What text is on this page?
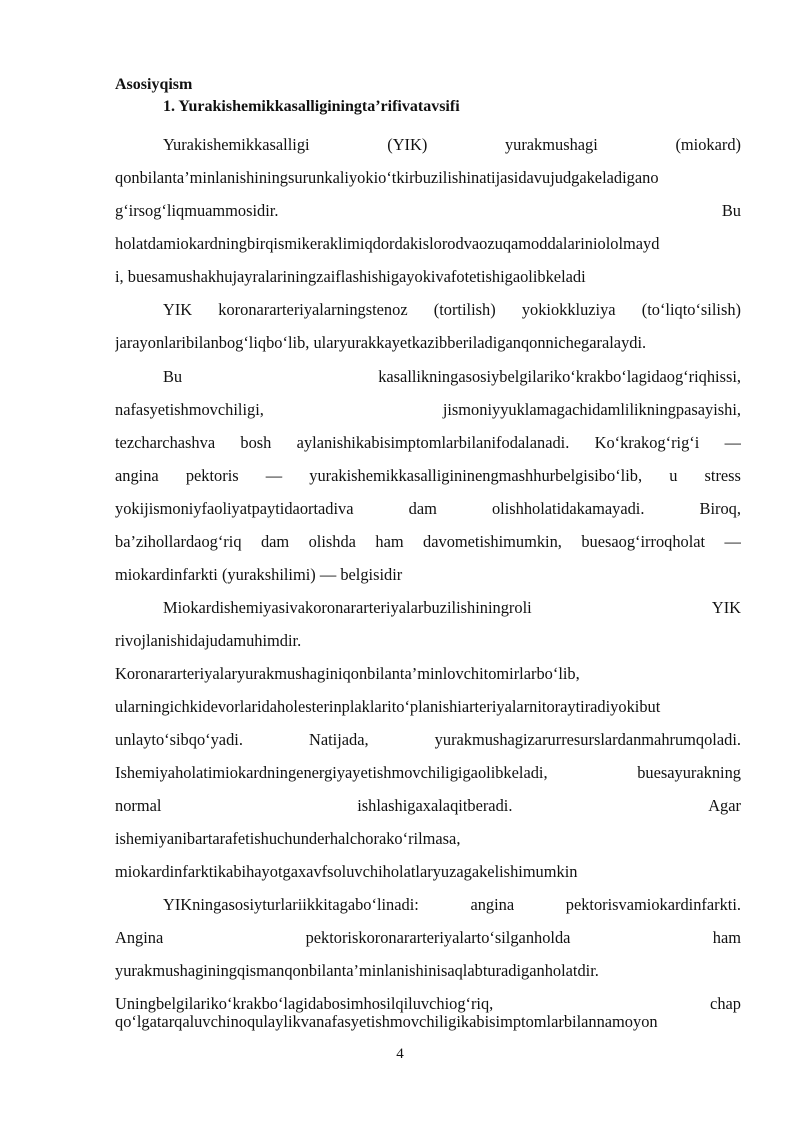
Asosiyqism
1. Yurakishemikkasalliginingta’rifivatavsifi
Yurakishemikkasalligi	(YIK)	yurakmushagi	(miokard)
qonbilanta’minlanishiningsurunkaliyokio‘tkirbuzilishinatijasidavujudgakeladigano
g‘irsog‘liqmuammosidir.	Bu
holatdamiokardningbirqismikeraklimiqdordakislorodvaozuqamoddalariniololmayd
i, buesamushakhujayralariningzaiflashishigayokivafotetishigaolibkeladi
YIK koronararteriyalarningstenoz (tortilish) yokiokkluziya (to‘liqto‘silish)
jarayonlaribilanbog‘liqbo‘lib, ularyurakkayetkazibberiladiganqonnichegaralaydi.
Bu	kasallikningasosiybelgilariko‘krakbo‘lagidaog‘riqhissi,
nafasyetishmovchiligi,	jismoniyyuklamagachidamlilikningpasayishi,
tezcharchashva bosh aylanishikabisimptomlarbilanifodalanadi. Ko‘krakog‘rig‘i —
angina pektoris — yurakishemikkasalligininengmashhurbelgisibo‘lib, u stress
yokijismoniyfaoliyatpaytidaortadiva	dam	olishholatidakamayadi.	Biroq,
ba’zihollardaog‘riq dam olishda ham davometishimumkin, buesaog‘irroqholat —
miokardinfarkti (yurakshilimi) — belgisidir
Miokardishemiyasivakoronararteriyalarbuzilishiningroli	YIK
rivojlanishidajudamuhimdir.
Koronararteriyalaryurakmushaginiqonbilanta’minlovchitomirlarbo‘lib,
ularningichkidevorlaridaholesterinplaklarito‘planishiarteriyalarnitoraytiradiyokibut
unlayto‘sibqo‘yadi.	Natijada,	yurakmushagizarurresurslardanmahrumqoladi.
Ishemiyaholatimiokardningenergiyayetishmovchiligigaolibkeladi,	buesayurakning
normal	ishlashigaxalaqitberadi.	Agar
ishemiyanibartarafetishuchunderhalchorako‘rilmasa,
miokardinfarktikabihayotgaxavfsoluvchiholatlaryuzagakelishimumkin
YIKningasosiyturlariikkitagabo‘linadi:	angina	pektorisvamiokardinfarkti.
Angina	pektoriskoronararteriyalarto‘silganholda	ham
yurakmushaginingqismanqonbilanta’minlanishinisaqlabturadiganholatdir.
Uningbelgilariko‘krakbo‘lagidabosimhosilqiluvchiog‘riq,	chap
qo‘lgatarqaluvchinoqulaylikvanafasyetishmovchiligikabisimptomlarbilannamoyon
4
